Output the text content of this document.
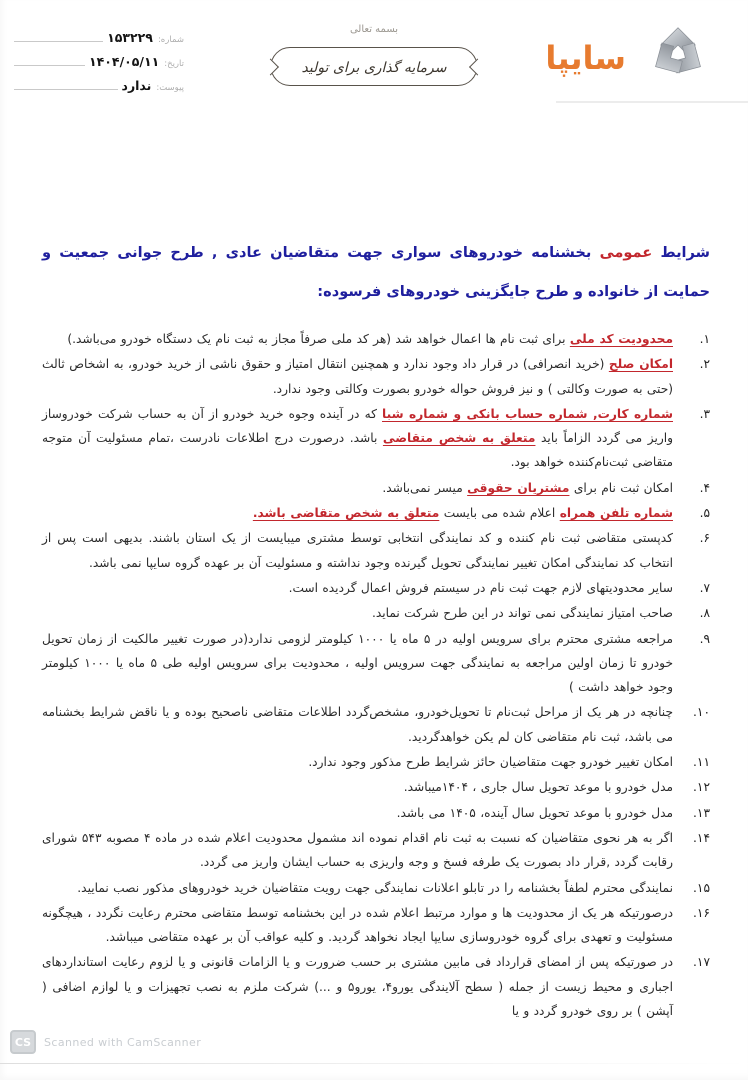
شماره:
۱۵۳۲۲۹
تاریخ:
۱۴۰۴/۰۵/۱۱
پیوست:
ندارد
بسمه تعالی
سرمایه گذاری برای تولید	سایپا
شرایط عمومی بخشنامه خودروهای سواری جهت متقاضیان عادی , طرح جوانی جمعیت و حمایت از خانواده و طرح جایگزینی خودروهای فرسوده:
۱.
محدودیت کد ملی برای ثبت نام ها اعمال خواهد شد (هر کد ملی صرفاً مجاز به ثبت نام یک دستگاه خودرو می‌باشد.)
۲.
امکان صلح (خرید انصرافی) در قرار داد وجود ندارد و همچنین انتقال امتیاز و حقوق ناشی از خرید خودرو، به اشخاص ثالث (حتی به صورت وکالتی ) و نیز فروش حواله خودرو بصورت وکالتی وجود ندارد.
۳.
شماره کارت, شماره حساب بانکی و شماره شبا که در آینده وجوه خرید خودرو از آن به حساب شرکت خودروساز واریز می گردد الزاماً باید متعلق به شخص متقاضی باشد. درصورت درج اطلاعات نادرست ،تمام مسئولیت آن متوجه متقاضی ثبت‌نام‌کننده خواهد بود.
۴.
امکان ثبت نام برای مشتریان حقوقی میسر نمی‌باشد.
۵.
شماره تلفن همراه اعلام شده می بایست متعلق به شخص متقاضی باشد.
۶.
کدپستی متقاضی ثبت نام کننده و کد نمایندگی انتخابی توسط مشتری میبایست از یک استان باشند. بدیهی است پس از انتخاب کد نمایندگی امکان تغییر نمایندگی تحویل گیرنده وجود نداشته و مسئولیت آن بر عهده گروه سایپا نمی باشد.
۷.
سایر محدودیتهای لازم جهت ثبت نام در سیستم فروش اعمال گردیده است.
۸.
صاحب امتیاز نمایندگی نمی تواند در این طرح شرکت نماید.
۹.
مراجعه مشتری محترم برای سرویس اولیه در ۵ ماه یا ۱۰۰۰ کیلومتر لزومی ندارد(در صورت تغییر مالکیت از زمان تحویل خودرو تا زمان اولین مراجعه به نمایندگی جهت سرویس اولیه ، محدودیت برای سرویس اولیه طی ۵ ماه یا ۱۰۰۰ کیلومتر وجود خواهد داشت )
۱۰.
چنانچه در هر یک از مراحل ثبت‌نام تا تحویل‌خودرو، مشخص‌گردد اطلاعات متقاضی ناصحیح بوده و یا ناقض شرایط بخشنامه می باشد، ثبت نام متقاضی کان لم یکن خواهدگردید.
۱۱.
امکان تغییر خودرو جهت متقاضیان حائز شرایط طرح مذکور وجود ندارد.
۱۲.
مدل خودرو با موعد تحویل سال جاری ، ۱۴۰۴میباشد.
۱۳.
مدل خودرو با موعد تحویل سال آینده، ۱۴۰۵ می باشد.
۱۴.
اگر به هر نحوی متقاضیان که نسبت به ثبت نام اقدام نموده اند مشمول محدودیت اعلام شده در ماده ۴ مصوبه ۵۴۳ شورای رقابت گردد ,قرار داد بصورت یک طرفه فسخ و وجه واریزی به حساب ایشان واریز می گردد.
۱۵.
نمایندگی محترم لطفاً بخشنامه را در تابلو اعلانات نمایندگی جهت رویت متقاضیان خرید خودروهای مذکور نصب نمایید.
۱۶.
درصورتیکه هر یک از محدودیت ها و موارد مرتبط اعلام شده در این بخشنامه توسط متقاضی محترم رعایت نگردد ، هیچگونه مسئولیت و تعهدی برای گروه خودروسازی سایپا ایجاد نخواهد گردید. و کلیه عواقب آن بر عهده متقاضی میباشد.
۱۷.
در صورتیکه پس از امضای قرارداد فی مابین مشتری بر حسب ضرورت و یا الزامات قانونی و یا لزوم رعایت استانداردهای اجباری و محیط زیست از جمله ( سطح آلایندگی یورو۴، یورو۵ و ...) شرکت ملزم به نصب تجهیزات و یا لوازم اضافی ( آپشن ) بر روی خودرو گردد و یا
CS	Scanned with CamScanner
